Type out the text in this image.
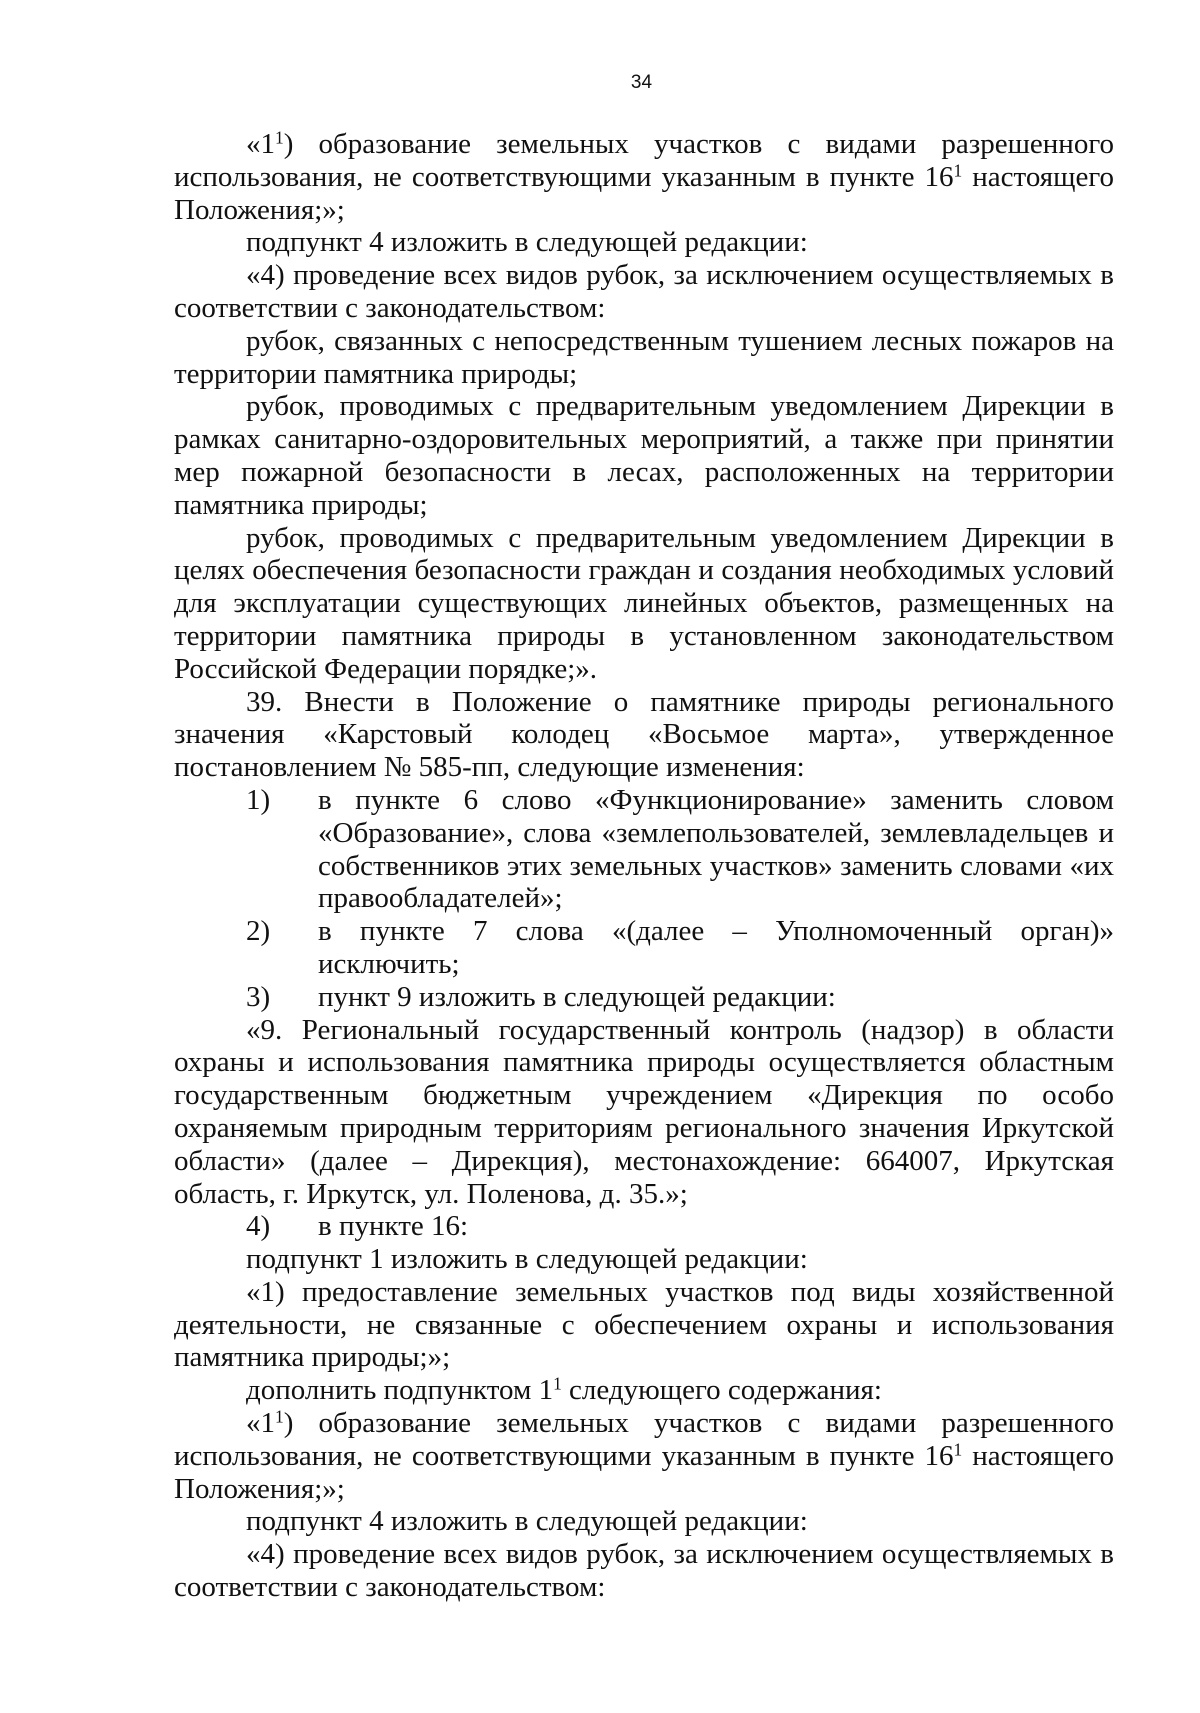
34

«$1^1$) образование земельных участков с видами разрешенного использования, не соответствующими указанным в пункте $16^1$ настоящего Положения;»;

подпункт 4 изложить в следующей редакции:

«4) проведение всех видов рубок, за исключением осуществляемых в соответствии с законодательством:

рубок, связанных с непосредственным тушением лесных пожаров на территории памятника природы;

рубок, проводимых с предварительным уведомлением Дирекции в рамках санитарно-оздоровительных мероприятий, а также при принятии мер пожарной безопасности в лесах, расположенных на территории памятника природы;

рубок, проводимых с предварительным уведомлением Дирекции в целях обеспечения безопасности граждан и создания необходимых условий для эксплуатации существующих линейных объектов, размещенных на территории памятника природы в установленном законодательством Российской Федерации порядке;».

39. Внести в Положение о памятнике природы регионального значения «Карстовый колодец «Восьмое марта», утвержденное постановлением № 585-пп, следующие изменения:

1)	в пункте 6 слово «Функционирование» заменить словом «Образование», слова «землепользователей, землевладельцев и собственников этих земельных участков» заменить словами «их правообладателей»;
2)	в пункте 7 слова «(далее – Уполномоченный орган)» исключить;
3)	пункт 9 изложить в следующей редакции:

«9. Региональный государственный контроль (надзор) в области охраны и использования памятника природы осуществляется областным государственным бюджетным учреждением «Дирекция по особо охраняемым природным территориям регионального значения Иркутской области» (далее – Дирекция), местонахождение: 664007, Иркутская область, г. Иркутск, ул. Поленова, д. 35.»;

4)	в пункте 16:

подпункт 1 изложить в следующей редакции:

«1) предоставление земельных участков под виды хозяйственной деятельности, не связанные с обеспечением охраны и использования памятника природы;»;

дополнить подпунктом $1^1$ следующего содержания:

«$1^1$) образование земельных участков с видами разрешенного использования, не соответствующими указанным в пункте $16^1$ настоящего Положения;»;

подпункт 4 изложить в следующей редакции:

«4) проведение всех видов рубок, за исключением осуществляемых в соответствии с законодательством:
